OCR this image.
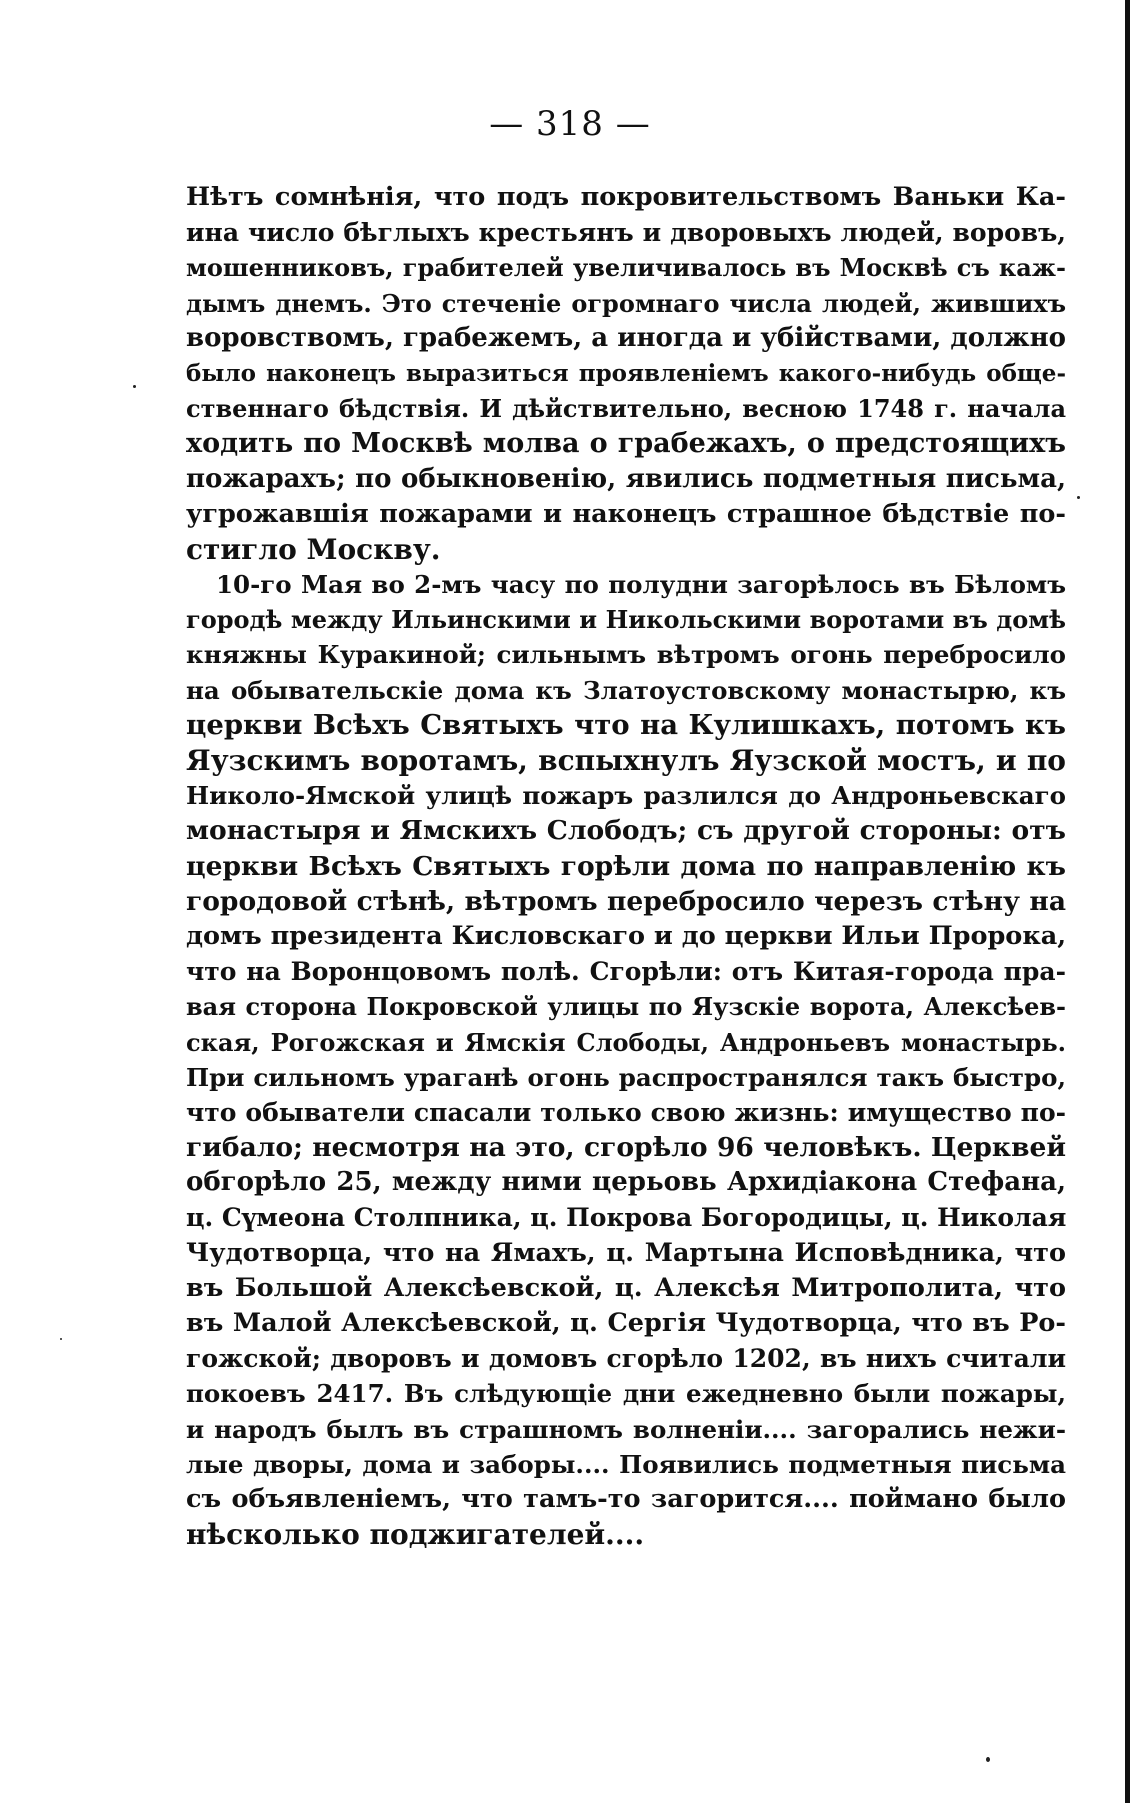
— 318 —
Нѣтъ сомнѣнія, что подъ покровительствомъ Ваньки Ка-
ина число бѣглыхъ крестьянъ и дворовыхъ людей, воровъ,
мошенниковъ, грабителей увеличивалось въ Москвѣ съ каж-
дымъ днемъ. Это стеченіе огромнаго числа людей, жившихъ
воровствомъ, грабежемъ, а иногда и убійствами, должно
было наконецъ выразиться проявленіемъ какого-нибудь обще-
ственнаго бѣдствія. И дѣйствительно, весною 1748 г. начала
ходить по Москвѣ молва о грабежахъ, о предстоящихъ
пожарахъ; по обыкновенію, явились подметныя письма,
угрожавшія пожарами и наконецъ страшное бѣдствіе по-
стигло Москву.
10-го Мая во 2-мъ часу по полудни загорѣлось въ Бѣломъ
городѣ между Ильинскими и Никольскими воротами въ домѣ
княжны Куракиной; сильнымъ вѣтромъ огонь перебросило
на обывательскіе дома къ Златоустовскому монастырю, къ
церкви Всѣхъ Святыхъ что на Кулишкахъ, потомъ къ
Яузскимъ воротамъ, вспыхнулъ Яузской мостъ, и по
Николо-Ямской улицѣ пожаръ разлился до Андроньевскаго
монастыря и Ямскихъ Слободъ; съ другой стороны: отъ
церкви Всѣхъ Святыхъ горѣли дома по направленію къ
городовой стѣнѣ, вѣтромъ перебросило черезъ стѣну на
домъ президента Кисловскаго и до церкви Ильи Пророка,
что на Воронцовомъ полѣ. Сгорѣли: отъ Китая-города пра-
вая сторона Покровской улицы по Яузскіе ворота, Алексѣев-
ская, Рогожская и Ямскія Слободы, Андроньевъ монастырь.
При сильномъ ураганѣ огонь распространялся такъ быстро,
что обыватели спасали только свою жизнь: имущество по-
гибало; несмотря на это, сгорѣло 96 человѣкъ. Церквей
обгорѣло 25, между ними церьовь Архидіакона Стефана,
ц. Сүмеона Столпника, ц. Покрова Богородицы, ц. Николая
Чудотворца, что на Ямахъ, ц. Мартына Исповѣдника, что
въ Большой Алексѣевской, ц. Алексѣя Митрополита, что
въ Малой Алексѣевской, ц. Сергія Чудотворца, что въ Ро-
гожской; дворовъ и домовъ сгорѣло 1202, въ нихъ считали
покоевъ 2417. Въ слѣдующіе дни ежедневно были пожары,
и народъ былъ въ страшномъ волненіи.... загорались нежи-
лые дворы, дома и заборы.... Появились подметныя письма
съ объявленіемъ, что тамъ-то загорится.... поймано было
нѣсколько поджигателей....
